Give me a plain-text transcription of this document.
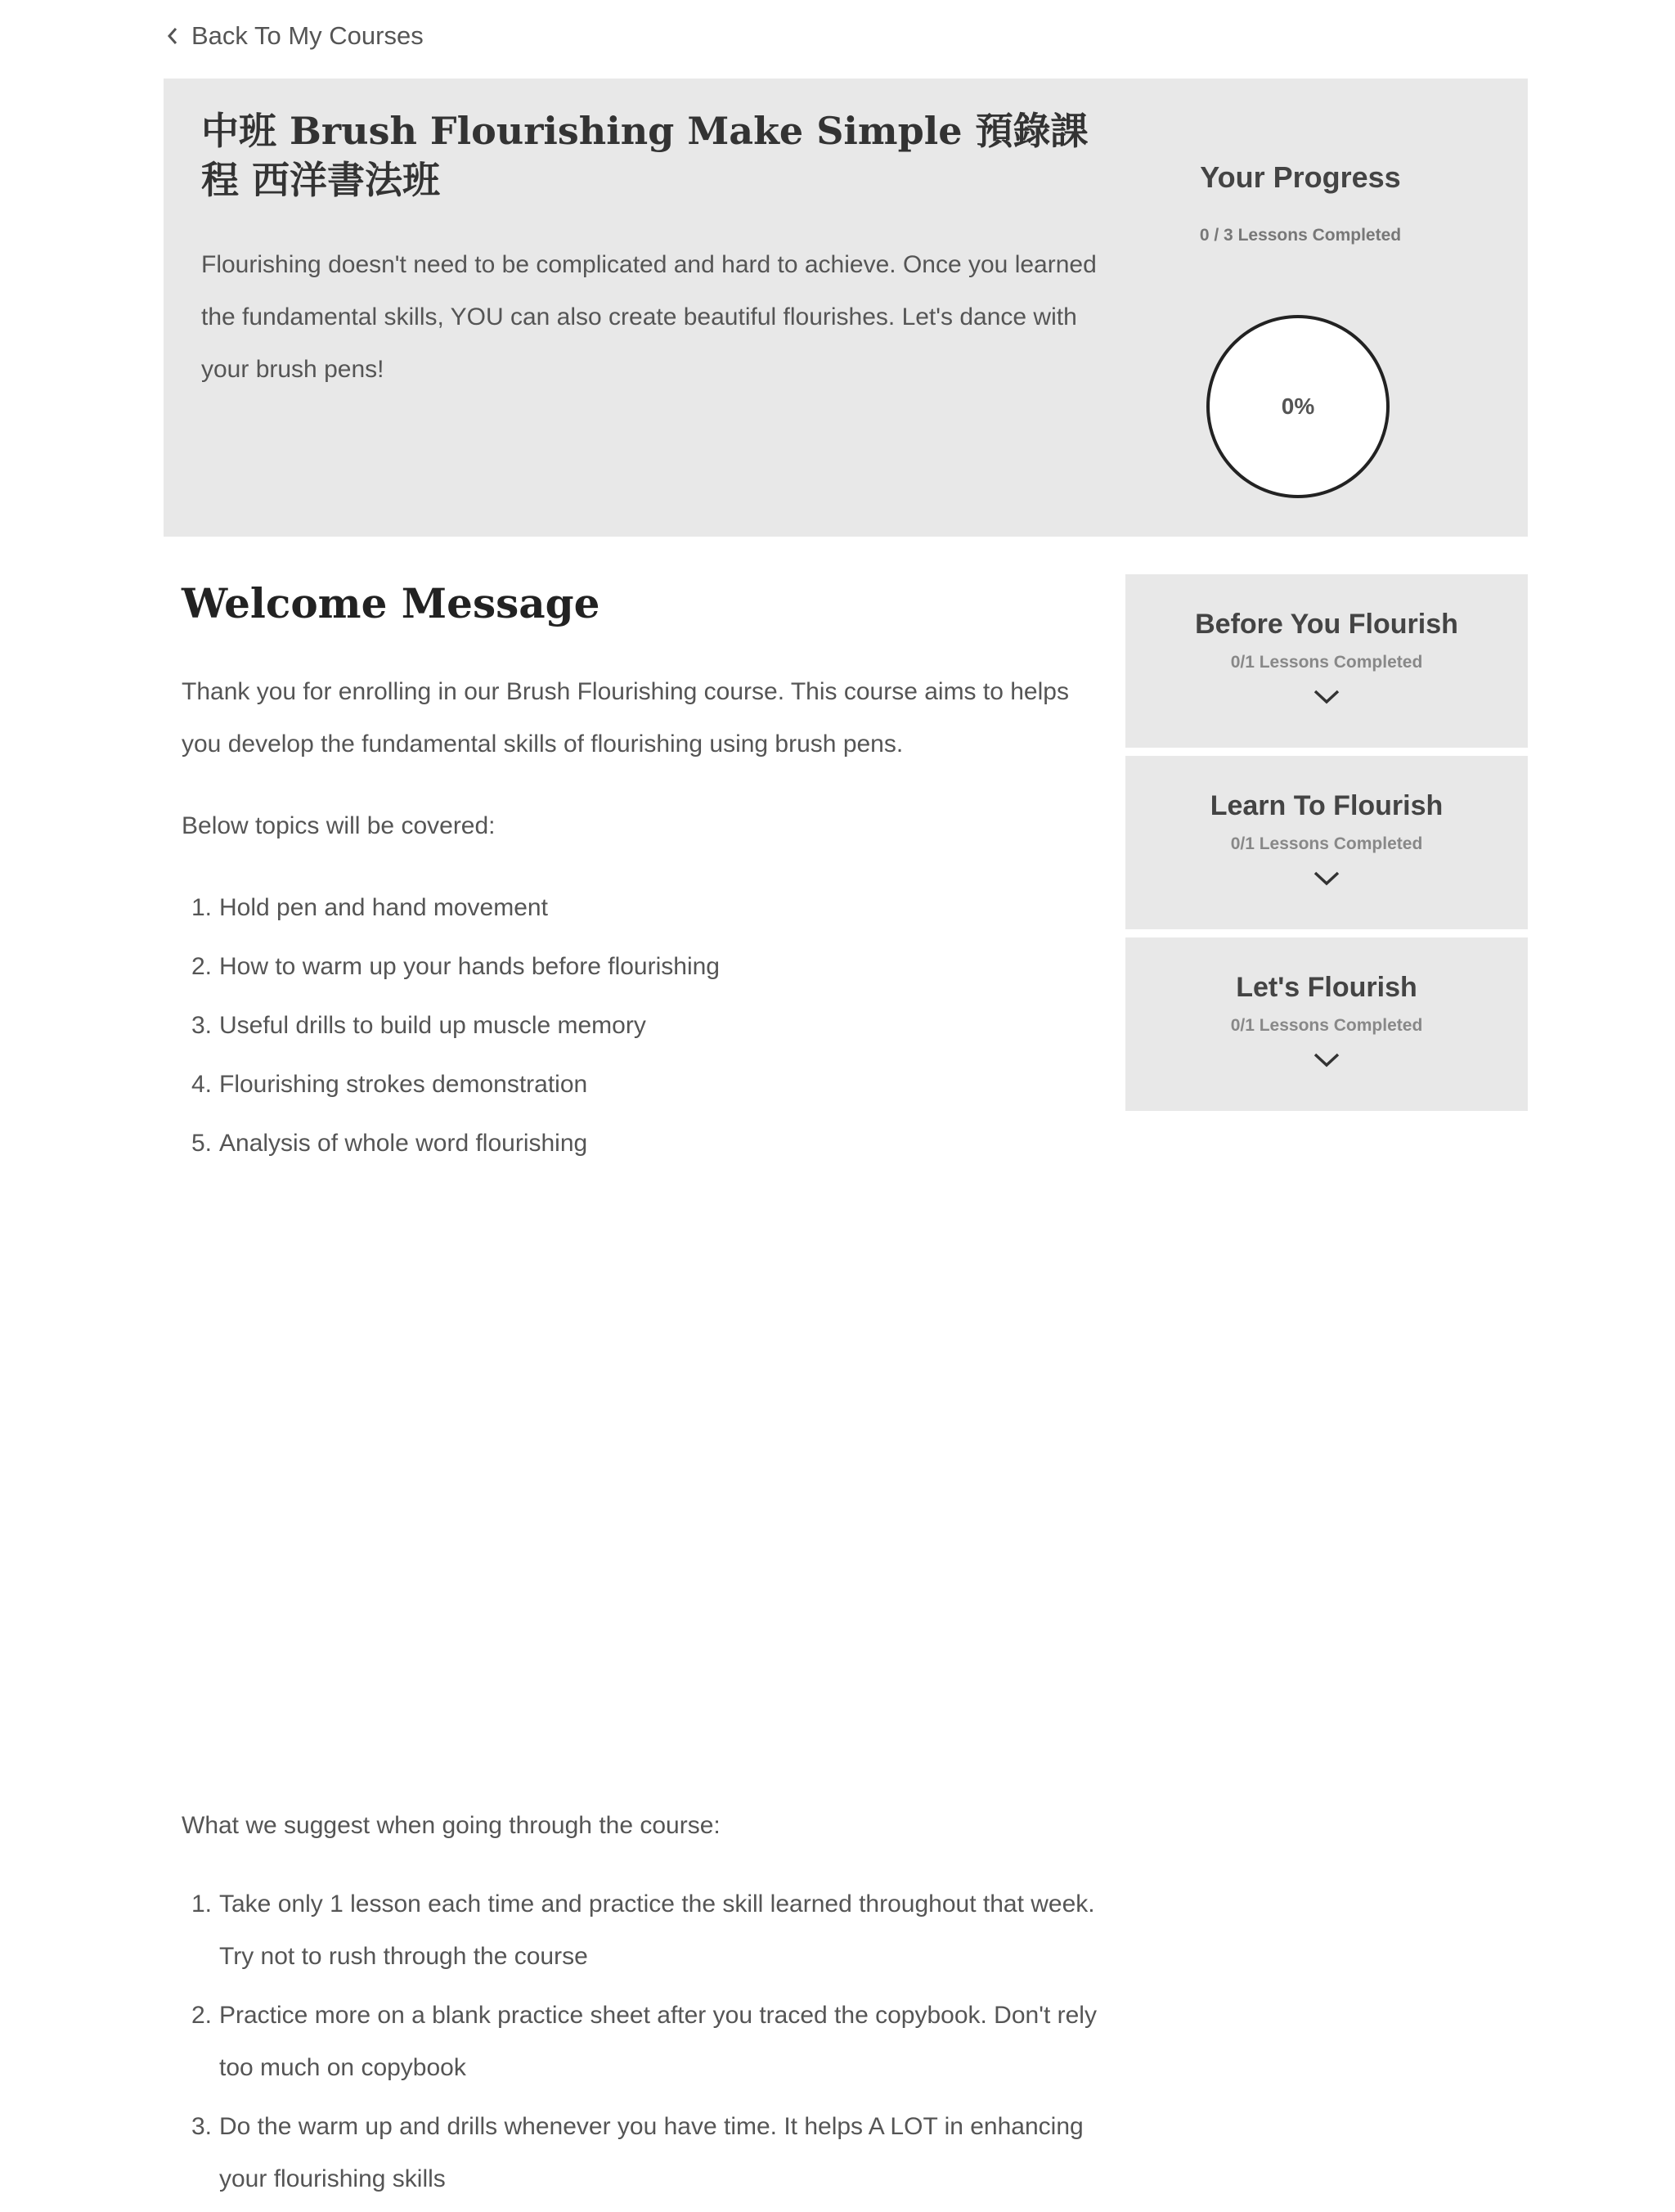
Back To My Courses
中班 Brush Flourishing Make Simple 預錄課程 西洋書法班

Flourishing doesn't need to be complicated and hard to achieve. Once you learned the fundamental skills, YOU can also create beautiful flourishes. Let's dance with your brush pens!

Your Progress
0 / 3 Lessons Completed
0%
Welcome Message

Thank you for enrolling in our Brush Flourishing course. This course aims to helps you develop the fundamental skills of flourishing using brush pens.

Below topics will be covered:

1. Hold pen and hand movement
2. How to warm up your hands before flourishing
3. Useful drills to build up muscle memory
4. Flourishing strokes demonstration
5. Analysis of whole word flourishing

What we suggest when going through the course:

1. Take only 1 lesson each time and practice the skill learned throughout that week. Try not to rush through the course
2. Practice more on a blank practice sheet after you traced the copybook. Don't rely too much on copybook
3. Do the warm up and drills whenever you have time. It helps A LOT in enhancing your flourishing skills
Before You Flourish
0/1 Lessons Completed
Learn To Flourish
0/1 Lessons Completed
Let's Flourish
0/1 Lessons Completed
